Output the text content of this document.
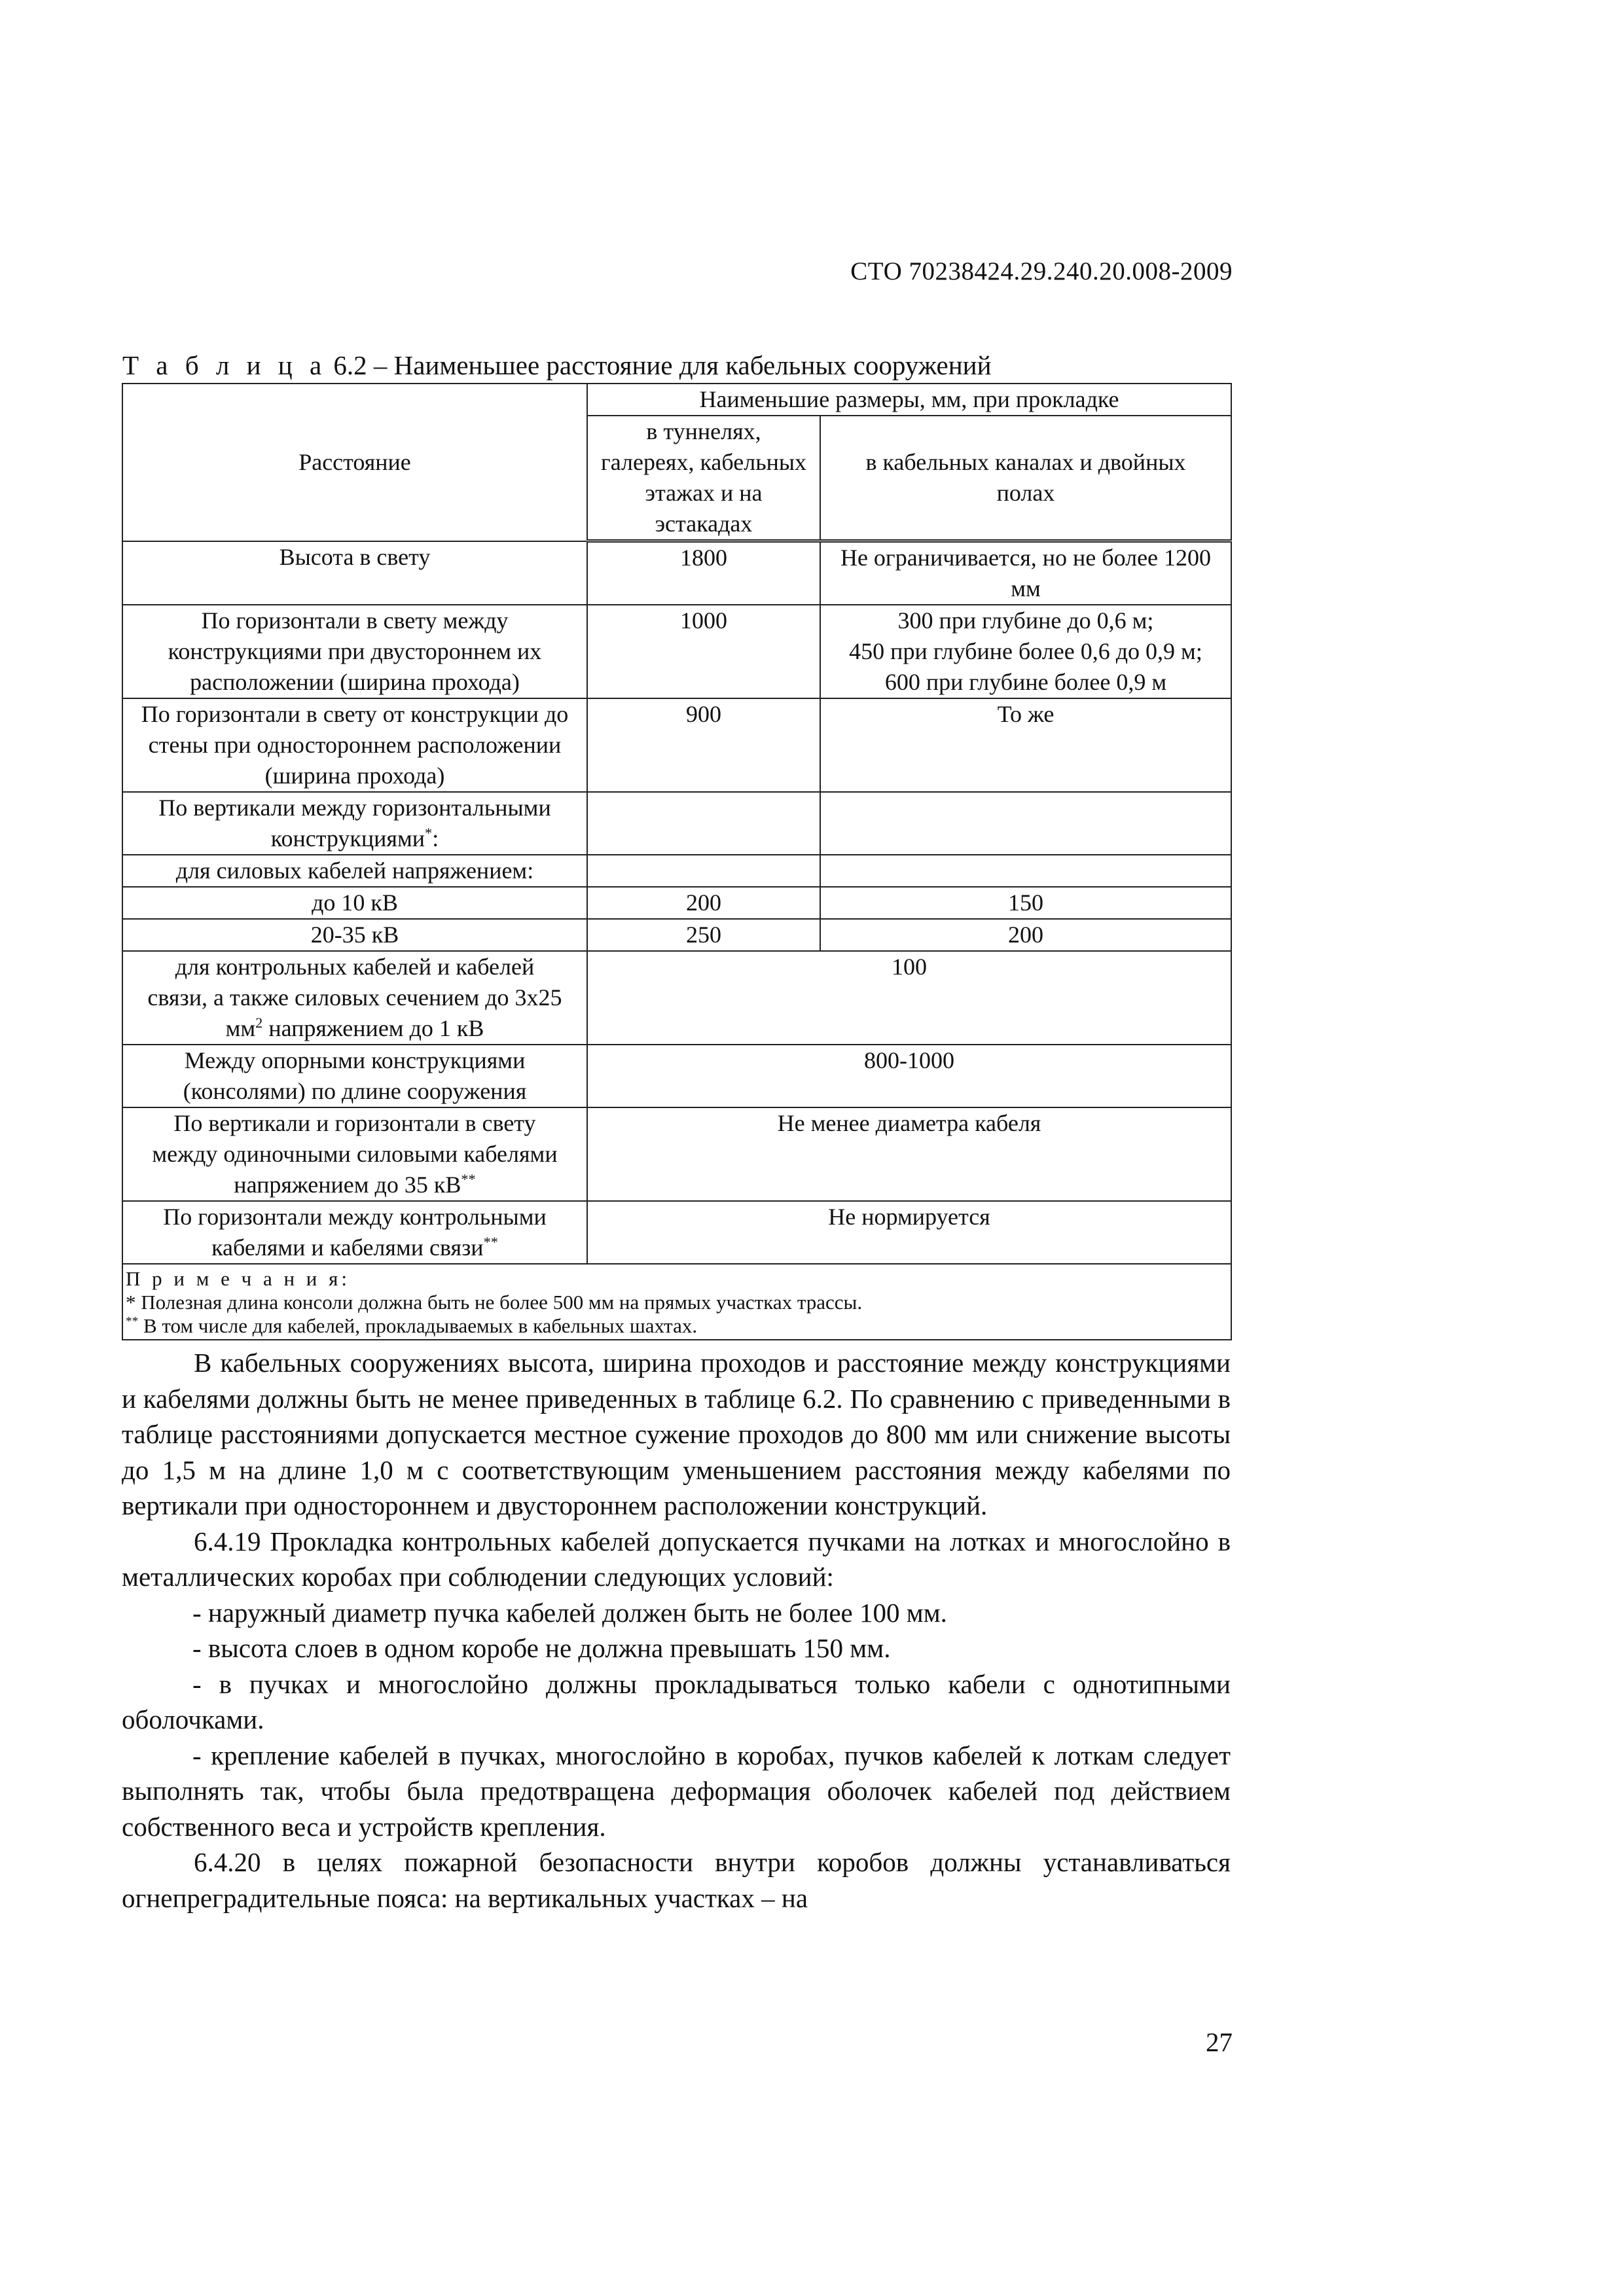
СТО 70238424.29.240.20.008-2009
Т а б л и ц а 6.2 – Наименьшее расстояние для кабельных сооружений
Расстояние	Наименьшие размеры, мм, при прокладке	
	в туннелях, галереях, кабельных этажах и на эстакадах	в кабельных каналах и двойных полах
Высота в свету	1800	Не ограничивается, но не более 1200 мм
По горизонтали в свету между конструкциями при двустороннем их расположении (ширина прохода)	1000	300 при глубине до 0,6 м;
450 при глубине более 0,6 до 0,9 м;
600 при глубине более 0,9 м

По горизонтали в свету от конструкции до стены при одностороннем расположении (ширина прохода)	900	То же
По вертикали между горизонтальными конструкциями*:		
для силовых кабелей напряжением:		
до 10 кВ	200	150
20-35 кВ	250	200
для контрольных кабелей и кабелей связи, а также силовых сечением до 3х25 $мм^2$ напряжением до 1 кВ	100	
Между опорными конструкциями (консолями) по длине сооружения	800-1000	
По вертикали и горизонтали в свету между одиночными силовыми кабелями напряжением до 35 кВ**	Не менее диаметра кабеля	
По горизонтали между контрольными кабелями и кабелями связи**	Не нормируется	

П р и м е ч а н и я:
* Полезная длина консоли должна быть не более 500 мм на прямых участках трассы.
** В том числе для кабелей, прокладываемых в кабельных шахтах.		

В кабельных сооружениях высота, ширина проходов и расстояние между конструкциями и кабелями должны быть не менее приведенных в таблице 6.2. По сравнению с приведенными в таблице расстояниями допускается местное сужение проходов до 800 мм или снижение высоты до 1,5 м на длине 1,0 м с соответствующим уменьшением расстояния между кабелями по вертикали при одностороннем и двустороннем расположении конструкций.

6.4.19 Прокладка контрольных кабелей допускается пучками на лотках и многослойно в металлических коробах при соблюдении следующих условий:

- наружный диаметр пучка кабелей должен быть не более 100 мм.

- высота слоев в одном коробе не должна превышать 150 мм.

- в пучках и многослойно должны прокладываться только кабели с однотипными оболочками.

- крепление кабелей в пучках, многослойно в коробах, пучков кабелей к лоткам следует выполнять так, чтобы была предотвращена деформация оболочек кабелей под действием собственного веса и устройств крепления.

6.4.20 в целях пожарной безопасности внутри коробов должны устанавливаться огнепреградительные пояса: на вертикальных участках – на

27
